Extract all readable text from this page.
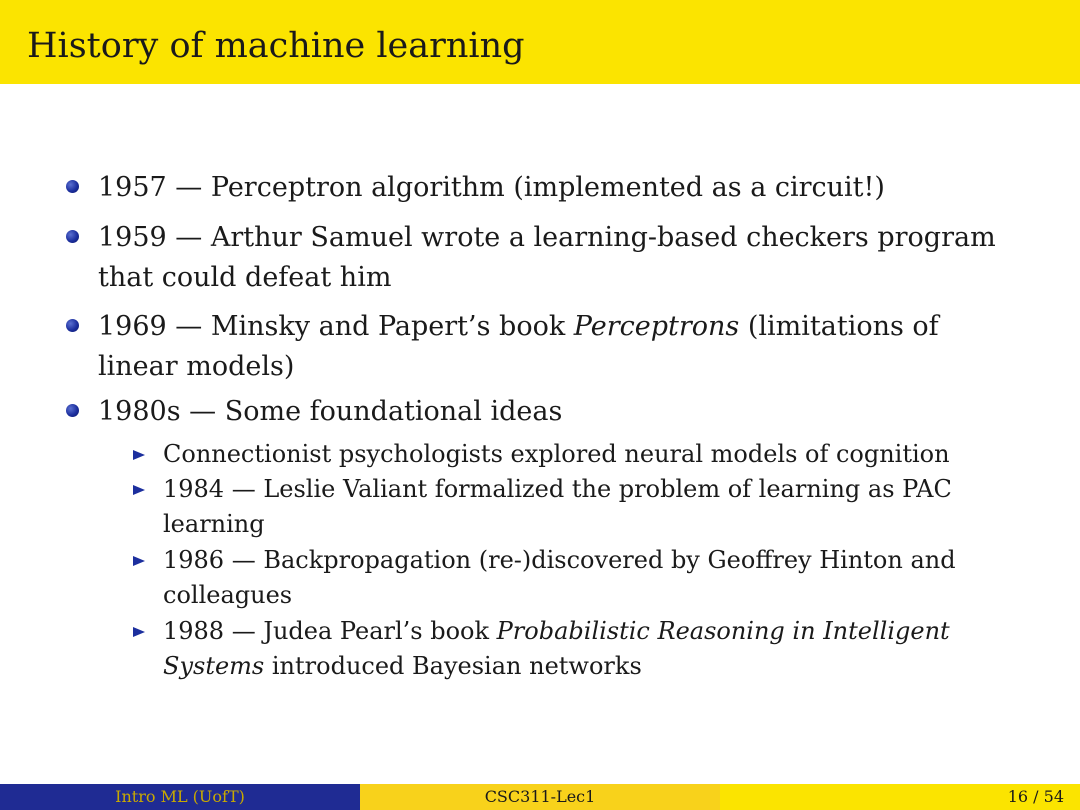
History of machine learning
1957 — Perceptron algorithm (implemented as a circuit!)
1959 — Arthur Samuel wrote a learning-based checkers program
that could defeat him
1969 — Minsky and Papert’s book Perceptrons (limitations of
linear models)
1980s — Some foundational ideas
Connectionist psychologists explored neural models of cognition
1984 — Leslie Valiant formalized the problem of learning as PAC
learning
1986 — Backpropagation (re-)discovered by Geoffrey Hinton and
colleagues
1988 — Judea Pearl’s book Probabilistic Reasoning in Intelligent
Systems introduced Bayesian networks
Intro ML (UofT)	CSC311-Lec1	16 / 54
